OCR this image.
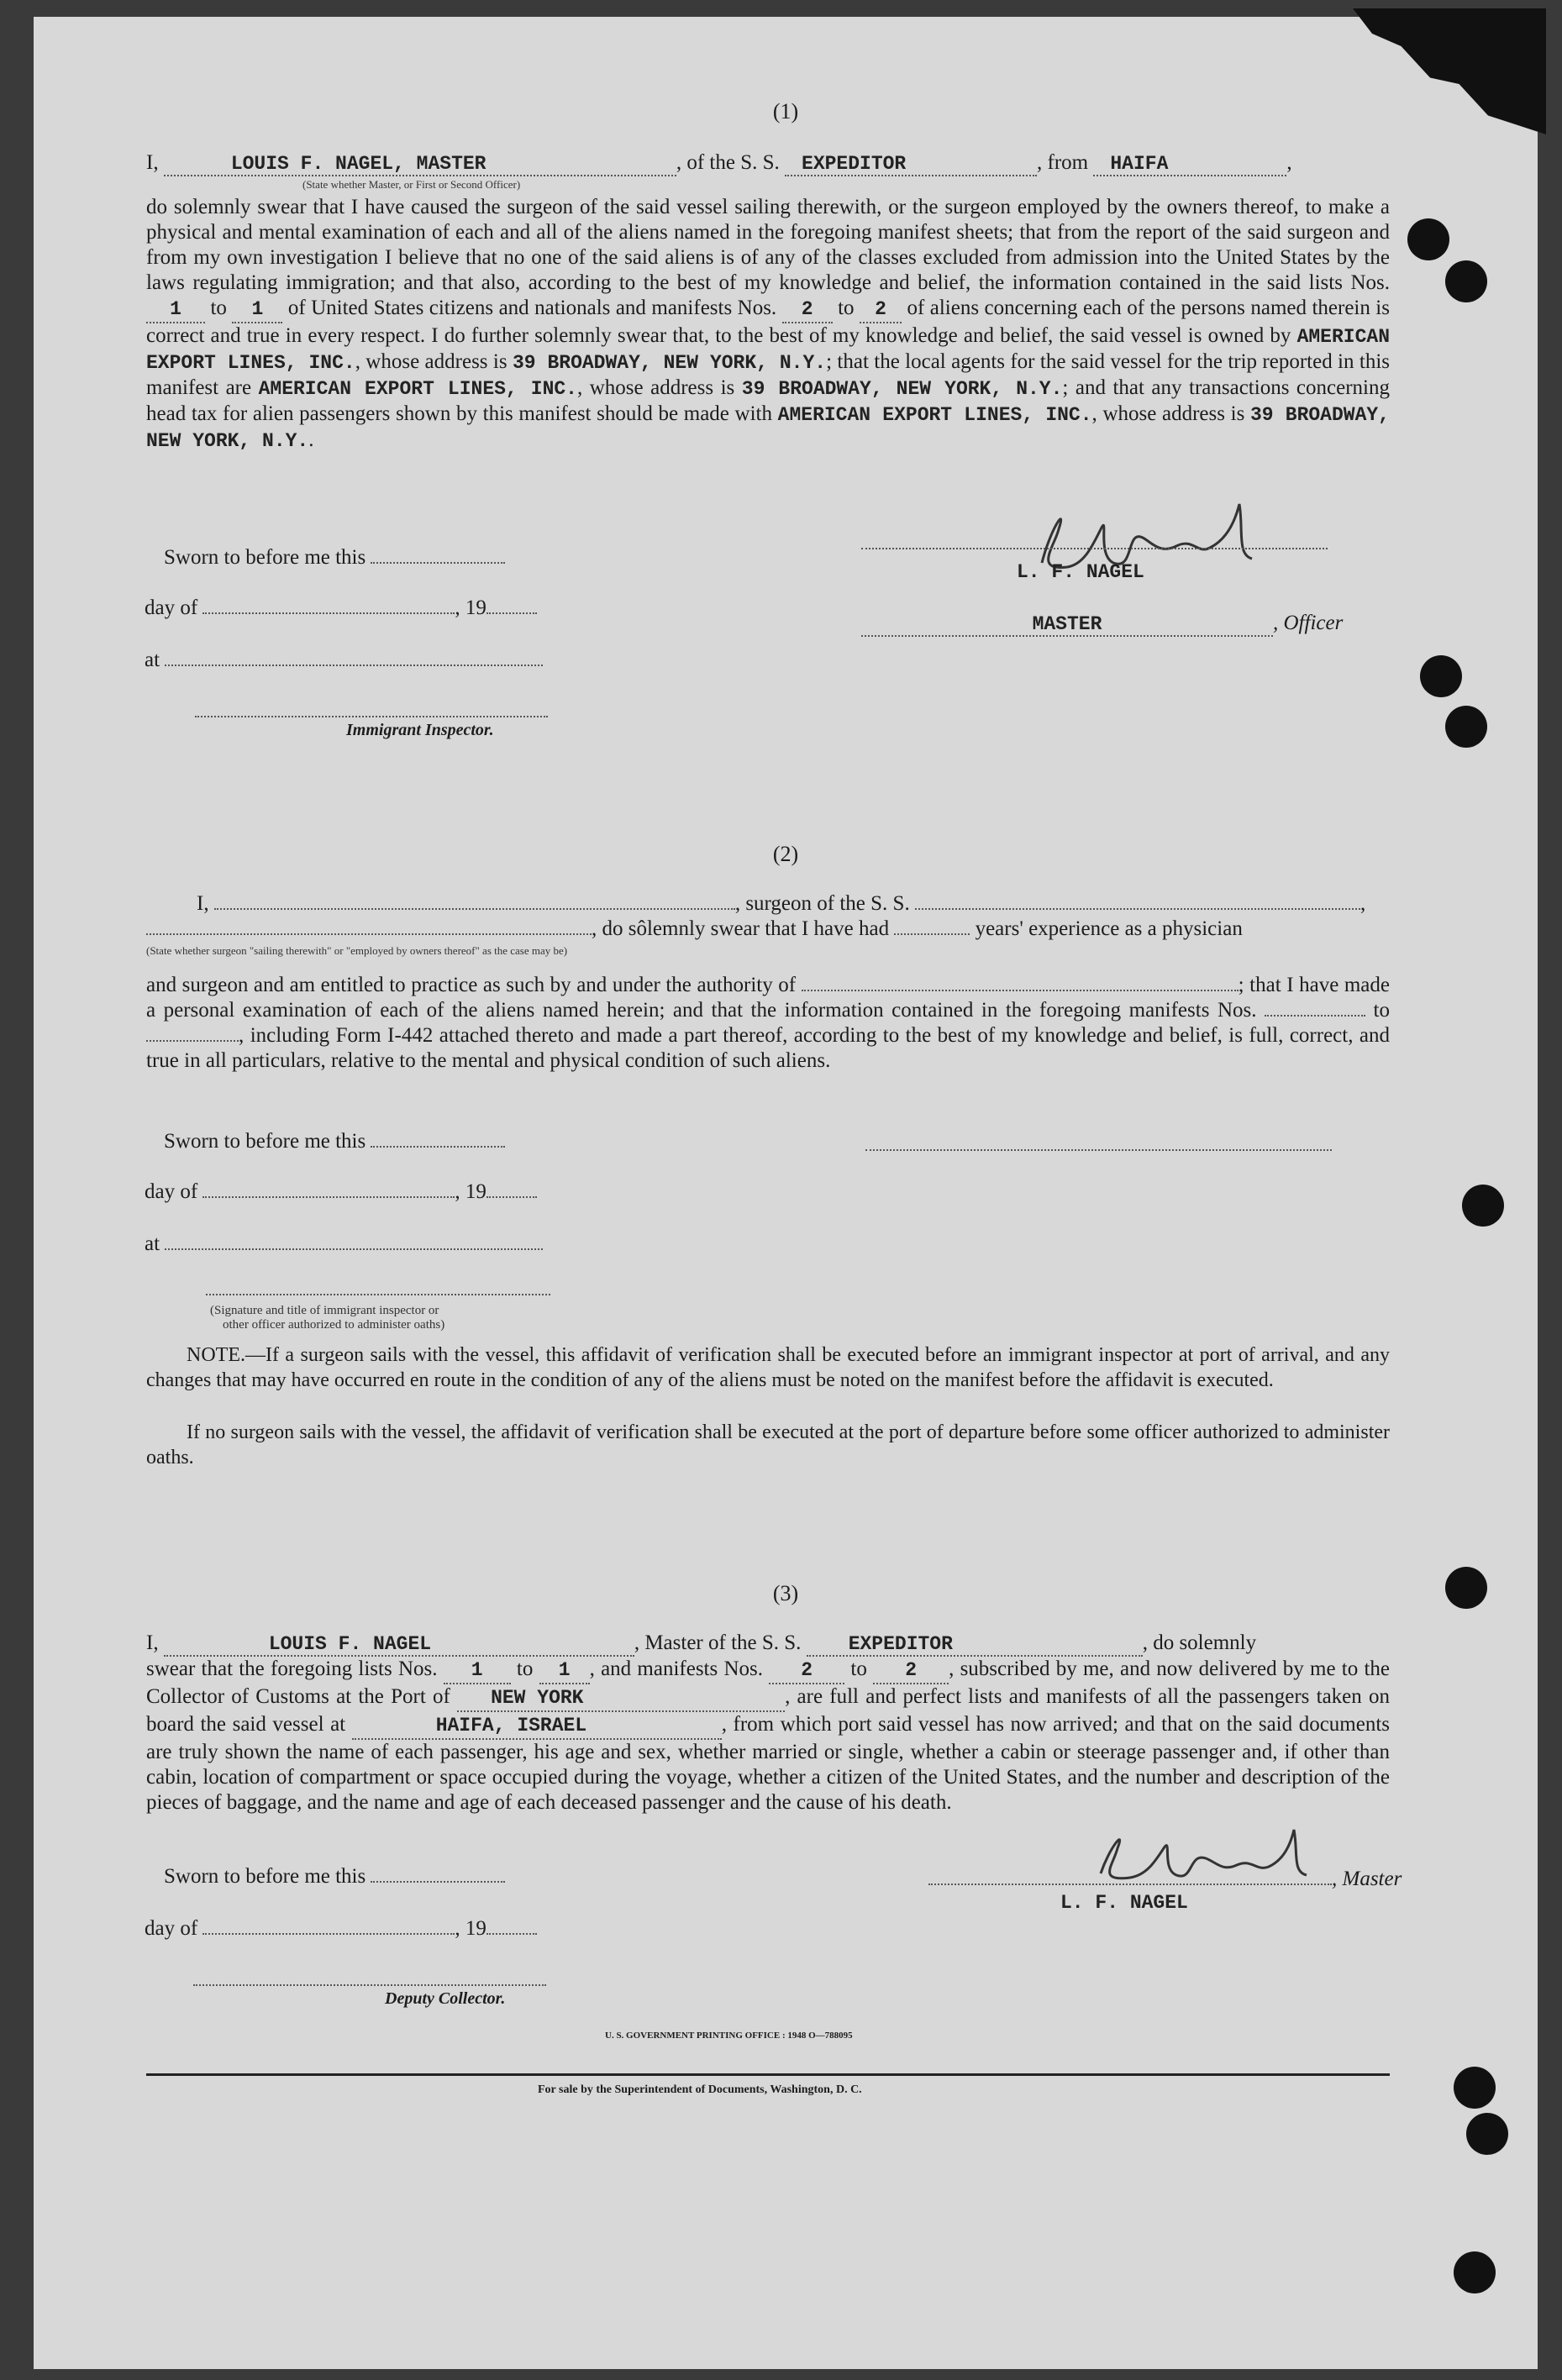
(1)
I,	LOUIS F. NAGEL, MASTER	, of the S. S. EXPEDITOR	, from HAIFA	,
(State whether Master, or First or Second Officer)
do solemnly swear that I have caused the surgeon of the said vessel sailing therewith, or the surgeon employed by the owners thereof, to make a physical and mental examination of each and all of the aliens named in the foregoing manifest sheets; that from the report of the said surgeon and from my own investigation I believe that no one of the said aliens is of any of the classes excluded from admission into the United States by the laws regulating immigration; and that also, according to the best of my knowledge and belief, the information contained in the said lists Nos. 1 to 1 of United States citizens and nationals and manifests Nos. 2 to 2 of aliens concerning each of the persons named therein is correct and true in every respect. I do further solemnly swear that, to the best of my knowledge and belief, the said vessel is owned by AMERICAN EXPORT LINES, INC., whose address is 39 BROADWAY, NEW YORK, N.Y.; that the local agents for the said vessel for the trip reported in this manifest are AMERICAN EXPORT LINES, INC., whose address is 39 BROADWAY, NEW YORK, N.Y.; and that any transactions concerning head tax for alien passengers shown by this manifest should be made with AMERICAN EXPORT LINES, INC., whose address is 39 BROADWAY, NEW YORK, N.Y..
Sworn to before me this
day of	, 19
at
Immigrant Inspector.
L. F. NAGEL
MASTER	, Officer
(2)
I,	, surgeon of the S. S.	,
, do sôlemnly swear that I have had	years' experience as a physician
(State whether surgeon "sailing therewith" or "employed by owners thereof" as the case may be)
and surgeon and am entitled to practice as such by and under the authority of	; that I have made a personal examination of each of the aliens named herein; and that the information contained in the foregoing manifests Nos.	to , including Form I-442 attached thereto and made a part thereof, according to the best of my knowledge and belief, is full, correct, and true in all particulars, relative to the mental and physical condition of such aliens.
Sworn to before me this
day of	, 19
at
(Signature and title of immigrant inspector or
other officer authorized to administer oaths)
NOTE.—If a surgeon sails with the vessel, this affidavit of verification shall be executed before an immigrant inspector at port of arrival, and any changes that may have occurred en route in the condition of any of the aliens must be noted on the manifest before the affidavit is executed.
If no surgeon sails with the vessel, the affidavit of verification shall be executed at the port of departure before some officer authorized to administer oaths.
(3)
I,	LOUIS F. NAGEL	, Master of the S. S. EXPEDITOR	, do solemnly
swear that the foregoing lists Nos. 1 to 1 , and manifests Nos. 2 to 2 , subscribed by me, and now delivered by me to the Collector of Customs at the Port of NEW YORK	, are full and perfect lists and manifests of all the passengers taken on board the said vessel at	HAIFA, ISRAEL	, from which port said vessel has now arrived; and that on the said documents are truly shown the name of each passenger, his age and sex, whether married or single, whether a cabin or steerage passenger and, if other than cabin, location of compartment or space occupied during the voyage, whether a citizen of the United States, and the number and description of the pieces of baggage, and the name and age of each deceased passenger and the cause of his death.
Sworn to before me this	, Master
L. F. NAGEL
day of	, 19
Deputy Collector.
U. S. GOVERNMENT PRINTING OFFICE : 1948 O—788095
For sale by the Superintendent of Documents, Washington, D. C.
